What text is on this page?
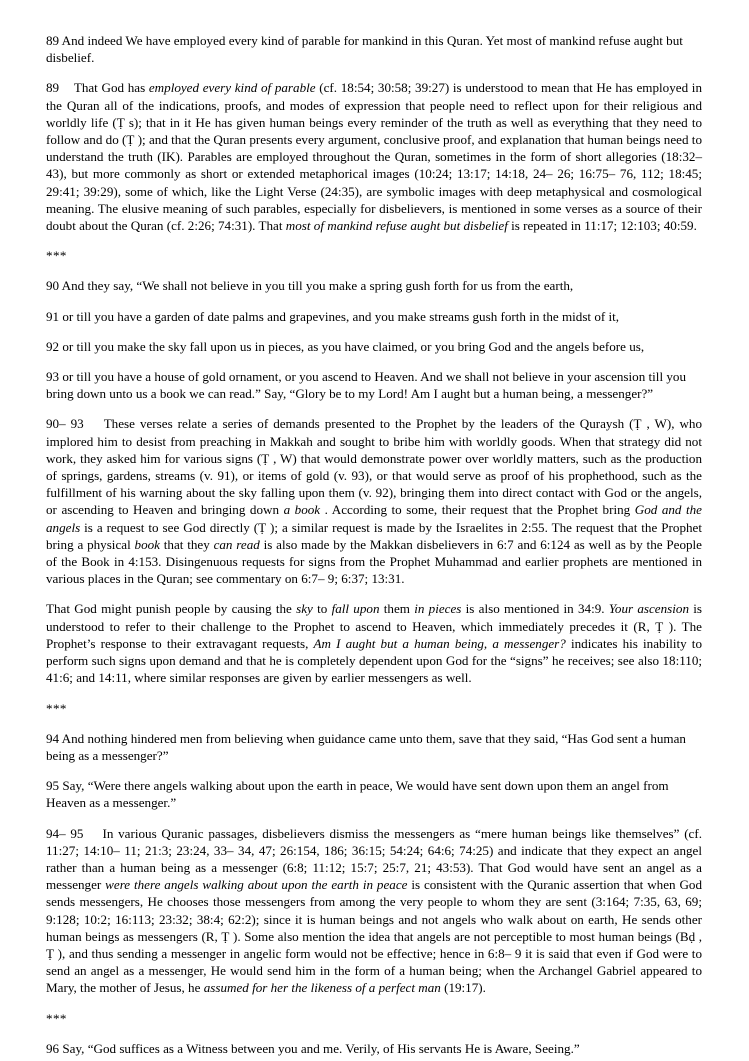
89 And indeed We have employed every kind of parable for mankind in this Quran. Yet most of mankind refuse aught but disbelief.

89 That God has employed every kind of parable (cf. 18:54; 30:58; 39:27) is understood to mean that He has employed in the Quran all of the indications, proofs, and modes of expression that people need to reflect upon for their religious and worldly life (Ṭ s); that in it He has given human beings every reminder of the truth as well as everything that they need to follow and do (Ṭ ); and that the Quran presents every argument, conclusive proof, and explanation that human beings need to understand the truth (IK). Parables are employed throughout the Quran, sometimes in the form of short allegories (18:32– 43), but more commonly as short or extended metaphorical images (10:24; 13:17; 14:18, 24– 26; 16:75– 76, 112; 18:45; 29:41; 39:29), some of which, like the Light Verse (24:35), are symbolic images with deep metaphysical and cosmological meaning. The elusive meaning of such parables, especially for disbelievers, is mentioned in some verses as a source of their doubt about the Quran (cf. 2:26; 74:31). That most of mankind refuse aught but disbelief is repeated in 11:17; 12:103; 40:59.

***

90 And they say, “We shall not believe in you till you make a spring gush forth for us from the earth,

91 or till you have a garden of date palms and grapevines, and you make streams gush forth in the midst of it,

92 or till you make the sky fall upon us in pieces, as you have claimed, or you bring God and the angels before us,

93 or till you have a house of gold ornament, or you ascend to Heaven. And we shall not believe in your ascension till you bring down unto us a book we can read.” Say, “Glory be to my Lord! Am I aught but a human being, a messenger?”

90– 93 These verses relate a series of demands presented to the Prophet by the leaders of the Quraysh (Ṭ , W), who implored him to desist from preaching in Makkah and sought to bribe him with worldly goods. When that strategy did not work, they asked him for various signs (Ṭ , W) that would demonstrate power over worldly matters, such as the production of springs, gardens, streams (v. 91), or items of gold (v. 93), or that would serve as proof of his prophethood, such as the fulfillment of his warning about the sky falling upon them (v. 92), bringing them into direct contact with God or the angels, or ascending to Heaven and bringing down a book . According to some, their request that the Prophet bring God and the angels is a request to see God directly (Ṭ ); a similar request is made by the Israelites in 2:55. The request that the Prophet bring a physical book that they can read is also made by the Makkan disbelievers in 6:7 and 6:124 as well as by the People of the Book in 4:153. Disingenuous requests for signs from the Prophet Muhammad and earlier prophets are mentioned in various places in the Quran; see commentary on 6:7– 9; 6:37; 13:31.

That God might punish people by causing the sky to fall upon them in pieces is also mentioned in 34:9. Your ascension is understood to refer to their challenge to the Prophet to ascend to Heaven, which immediately precedes it (R, Ṭ ). The Prophet’s response to their extravagant requests, Am I aught but a human being, a messenger? indicates his inability to perform such signs upon demand and that he is completely dependent upon God for the “signs” he receives; see also 18:110; 41:6; and 14:11, where similar responses are given by earlier messengers as well.

***

94 And nothing hindered men from believing when guidance came unto them, save that they said, “Has God sent a human being as a messenger?”

95 Say, “Were there angels walking about upon the earth in peace, We would have sent down upon them an angel from Heaven as a messenger.”

94– 95 In various Quranic passages, disbelievers dismiss the messengers as “mere human beings like themselves” (cf. 11:27; 14:10– 11; 21:3; 23:24, 33– 34, 47; 26:154, 186; 36:15; 54:24; 64:6; 74:25) and indicate that they expect an angel rather than a human being as a messenger (6:8; 11:12; 15:7; 25:7, 21; 43:53). That God would have sent an angel as a messenger were there angels walking about upon the earth in peace is consistent with the Quranic assertion that when God sends messengers, He chooses those messengers from among the very people to whom they are sent (3:164; 7:35, 63, 69; 9:128; 10:2; 16:113; 23:32; 38:4; 62:2); since it is human beings and not angels who walk about on earth, He sends other human beings as messengers (R, Ṭ ). Some also mention the idea that angels are not perceptible to most human beings (Bḍ , Ṭ ), and thus sending a messenger in angelic form would not be effective; hence in 6:8– 9 it is said that even if God were to send an angel as a messenger, He would send him in the form of a human being; when the Archangel Gabriel appeared to Mary, the mother of Jesus, he assumed for her the likeness of a perfect man (19:17).

***

96 Say, “God suffices as a Witness between you and me. Verily, of His servants He is Aware, Seeing.”
